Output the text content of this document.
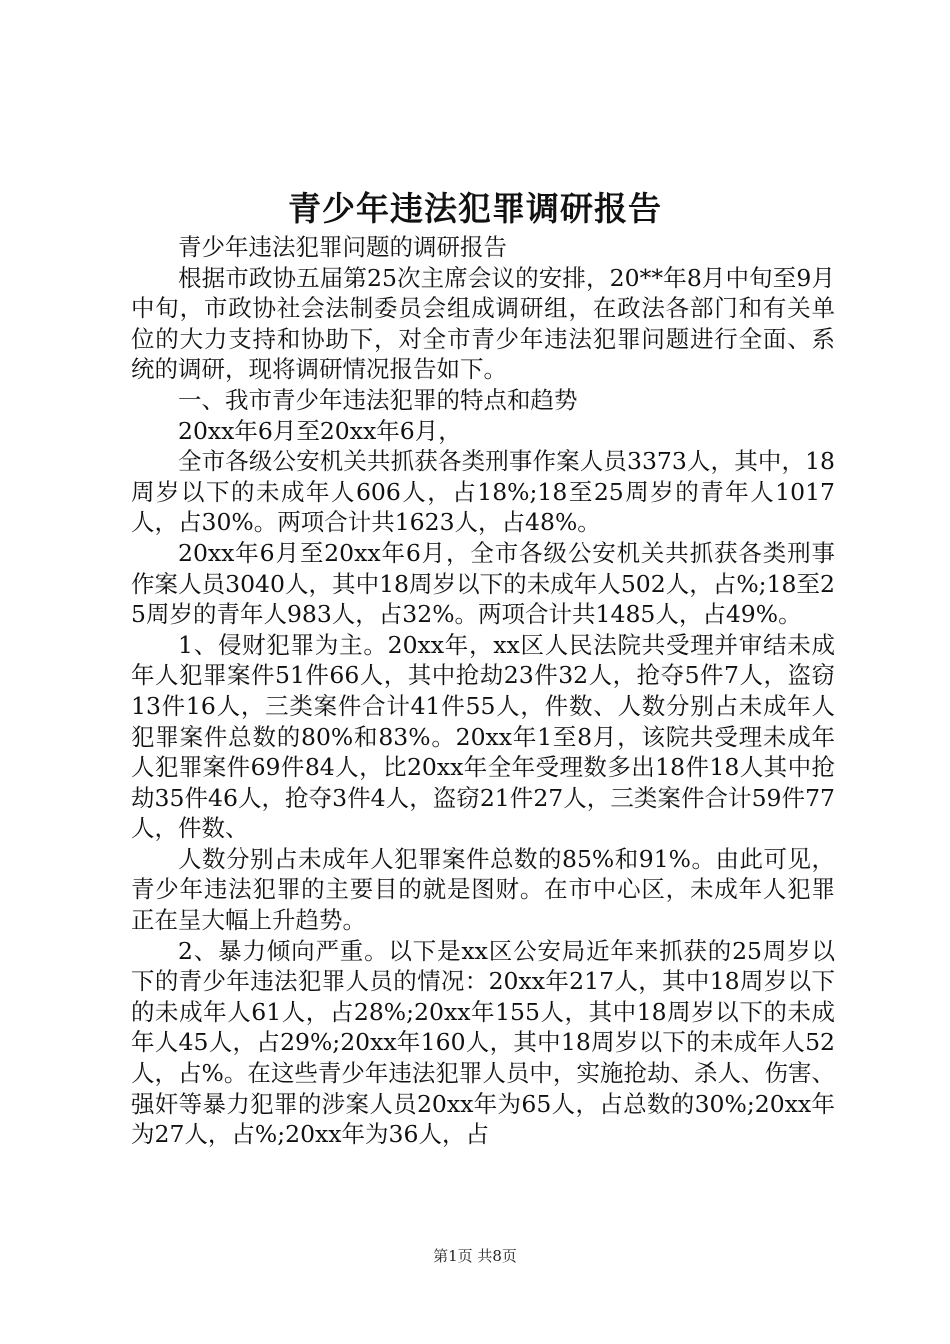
青少年违法犯罪调研报告

青少年违法犯罪问题的调研报告

根据市政协五届第25次主席会议的安排，20**年8月中旬至9月中旬，市政协社会法制委员会组成调研组，在政法各部门和有关单位的大力支持和协助下，对全市青少年违法犯罪问题进行全面、系统的调研，现将调研情况报告如下。

一、我市青少年违法犯罪的特点和趋势

20xx年6月至20xx年6月，

全市各级公安机关共抓获各类刑事作案人员3373人，其中，18周岁以下的未成年人606人，占18%;18至25周岁的青年人1017人，占30%。两项合计共1623人，占48%。

20xx年6月至20xx年6月，全市各级公安机关共抓获各类刑事作案人员3040人，其中18周岁以下的未成年人502人，占%;18至25周岁的青年人983人，占32%。两项合计共1485人，占49%。

1、侵财犯罪为主。20xx年，xx区人民法院共受理并审结未成年人犯罪案件51件66人，其中抢劫23件32人，抢夺5件7人，盗窃13件16人，三类案件合计41件55人，件数、人数分别占未成年人犯罪案件总数的80%和83%。20xx年1至8月，该院共受理未成年人犯罪案件69件84人，比20xx年全年受理数多出18件18人其中抢劫35件46人，抢夺3件4人，盗窃21件27人，三类案件合计59件77人，件数、

人数分别占未成年人犯罪案件总数的85%和91%。由此可见，青少年违法犯罪的主要目的就是图财。在市中心区，未成年人犯罪正在呈大幅上升趋势。

2、暴力倾向严重。以下是xx区公安局近年来抓获的25周岁以下的青少年违法犯罪人员的情况：20xx年217人，其中18周岁以下的未成年人61人，占28%;20xx年155人，其中18周岁以下的未成年人45人，占29%;20xx年160人，其中18周岁以下的未成年人52人，占%。在这些青少年违法犯罪人员中，实施抢劫、杀人、伤害、强奸等暴力犯罪的涉案人员20xx年为65人，占总数的30%;20xx年为27人，占%;20xx年为36人，占

第1页 共8页
